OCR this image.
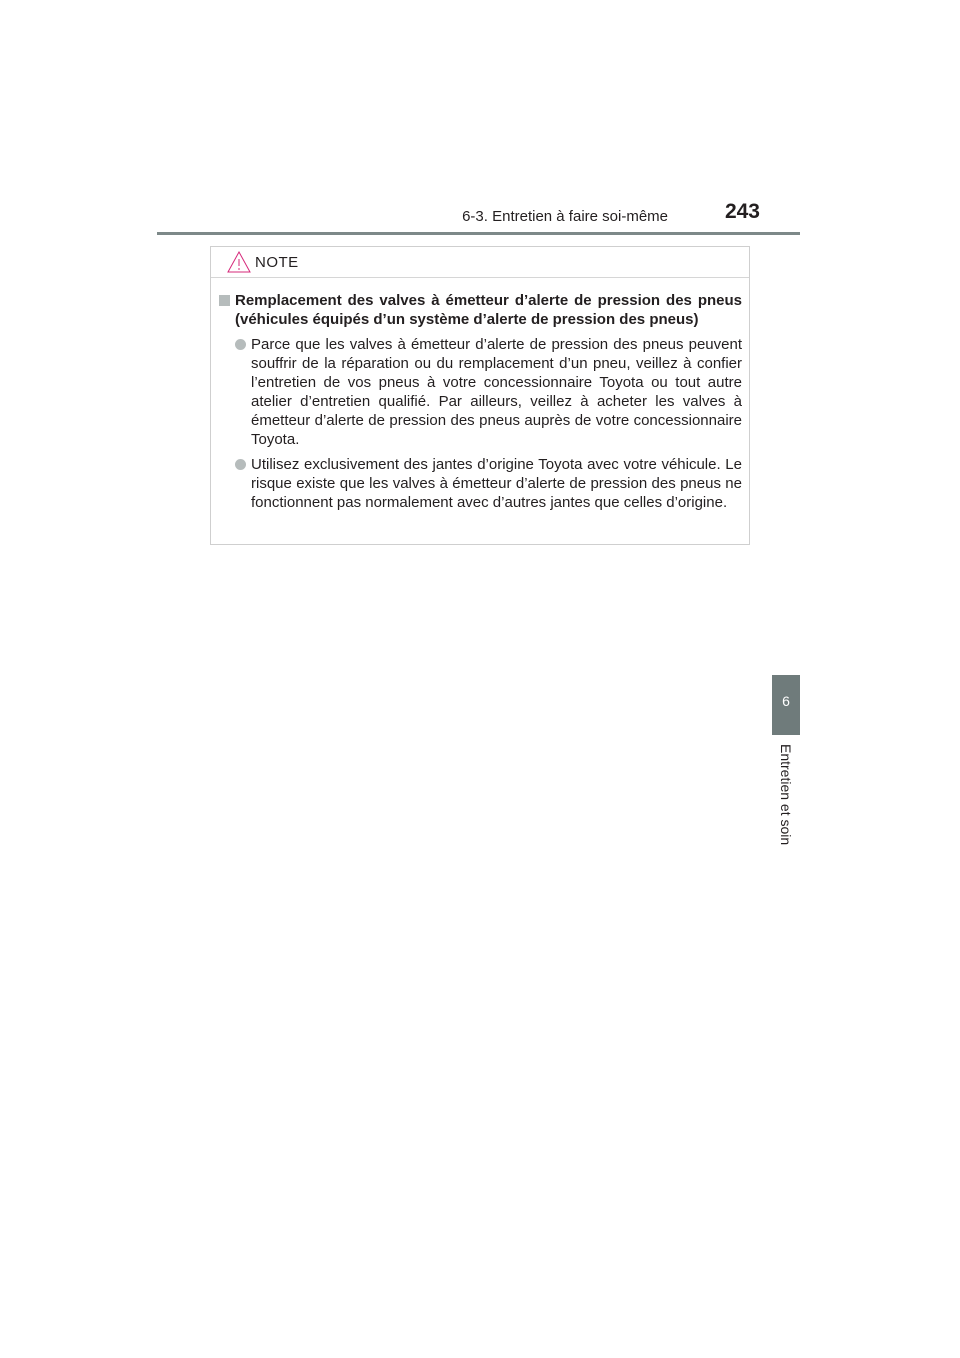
6-3. Entretien à faire soi-même	243
6
Entretien et soin
NOTE
Remplacement des valves à émetteur d’alerte de pression des pneus (véhicules équipés d’un système d’alerte de pression des pneus)
Parce que les valves à émetteur d’alerte de pression des pneus peuvent souffrir de la réparation ou du remplacement d’un pneu, veillez à confier l’entretien de vos pneus à votre concessionnaire Toyota ou tout autre atelier d’entretien qualifié. Par ailleurs, veillez à acheter les valves à émetteur d’alerte de pression des pneus auprès de votre concessionnaire Toyota.
Utilisez exclusivement des jantes d’origine Toyota avec votre véhicule. Le risque existe que les valves à émetteur d’alerte de pression des pneus ne fonctionnent pas normalement avec d’autres jantes que celles d’origine.
